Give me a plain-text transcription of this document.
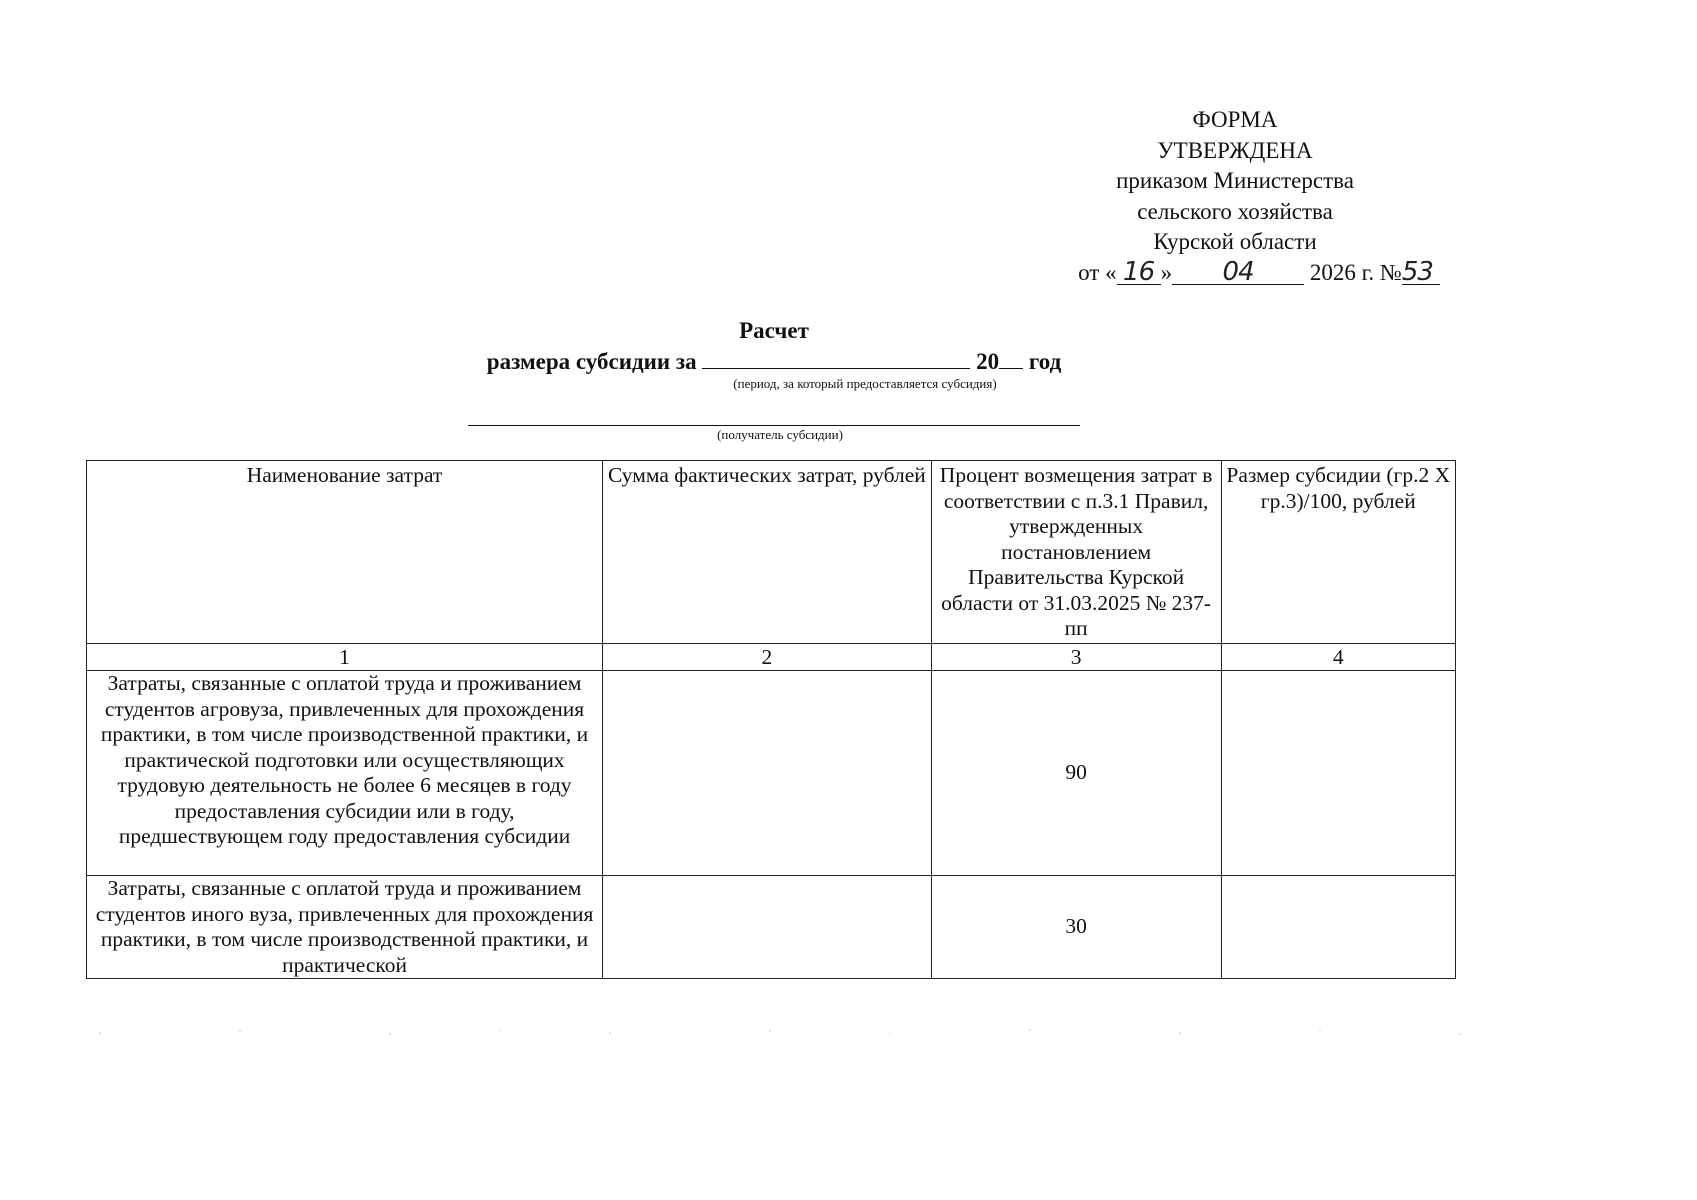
ФОРМА
УТВЕРЖДЕНА
приказом Министерства
сельского хозяйства
Курской области
от « 16 » 04 2026 г. №53
Расчет
размера субсидии за	20 год
(период, за который предоставляется субсидия)
(получатель субсидии)
Наименование затрат	Сумма фактических затрат, рублей	Процент возмещения затрат в соответствии с п.3.1 Правил, утвержденных постановлением Правительства Курской области от 31.03.2025 № 237-пп	Размер субсидии (гр.2 X гр.3)/100, рублей
1	2	3	4
Затраты, связанные с оплатой труда и проживанием студентов агровуза, привлеченных для прохождения практики, в том числе производственной практики, и практической подготовки или осуществляющих трудовую деятельность не более 6 месяцев в году предоставления субсидии или в году, предшествующем году предоставления субсидии		90	
Затраты, связанные с оплатой труда и проживанием студентов иного вуза, привлеченных для прохождения практики, в том числе производственной практики, и практической		30	
